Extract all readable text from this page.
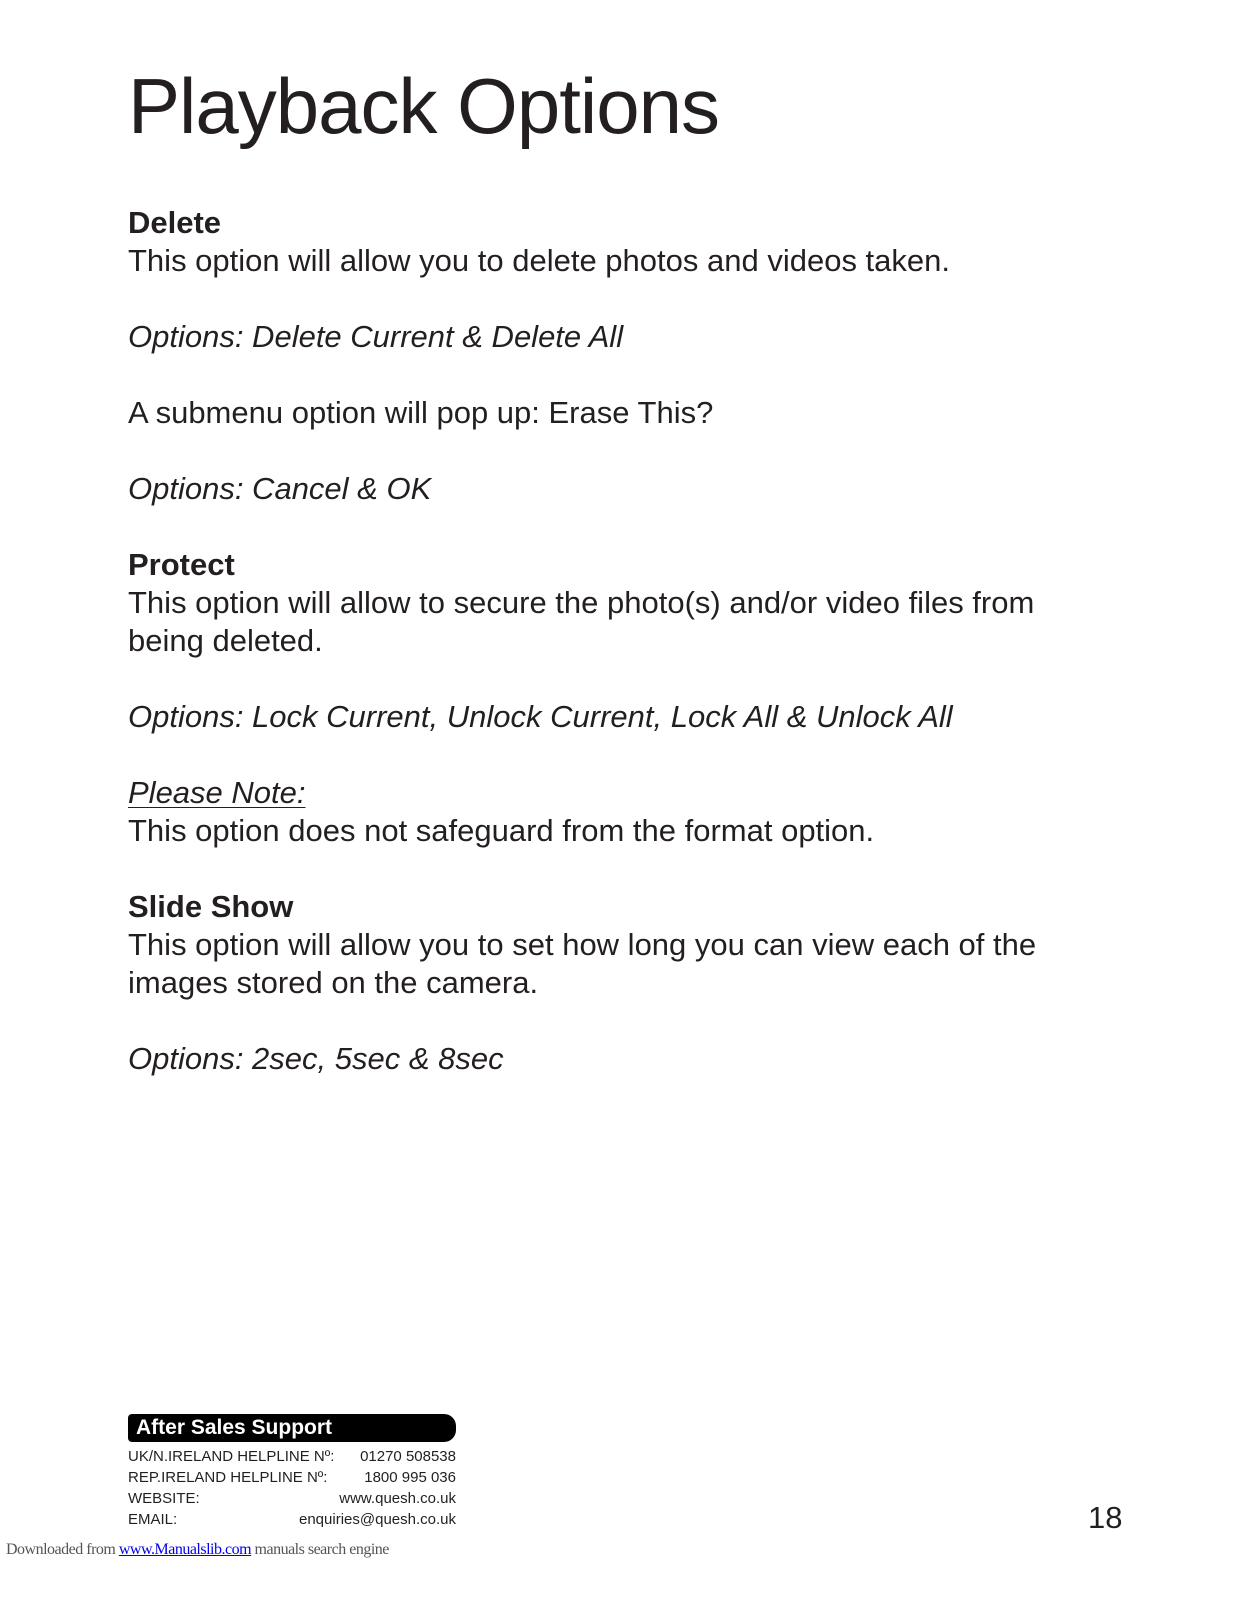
Playback Options

Delete

This option will allow you to delete photos and videos taken.

Options: Delete Current & Delete All

A submenu option will pop up: Erase This?

Options: Cancel & OK

Protect

This option will allow to secure the photo(s) and/or video files from

being deleted.

Options: Lock Current, Unlock Current, Lock All & Unlock All

Please Note:

This option does not safeguard from the format option.

Slide Show

This option will allow you to set how long you can view each of the

images stored on the camera.

Options: 2sec, 5sec & 8sec

After Sales Support
UK/N.IRELAND HELPLINE Nº: 01270 508538
REP.IRELAND HELPLINE Nº: 1800 995 036
WEBSITE:	www.quesh.co.uk
EMAIL:	enquiries@quesh.co.uk	18
Downloaded from www.Manualslib.com manuals search engine
